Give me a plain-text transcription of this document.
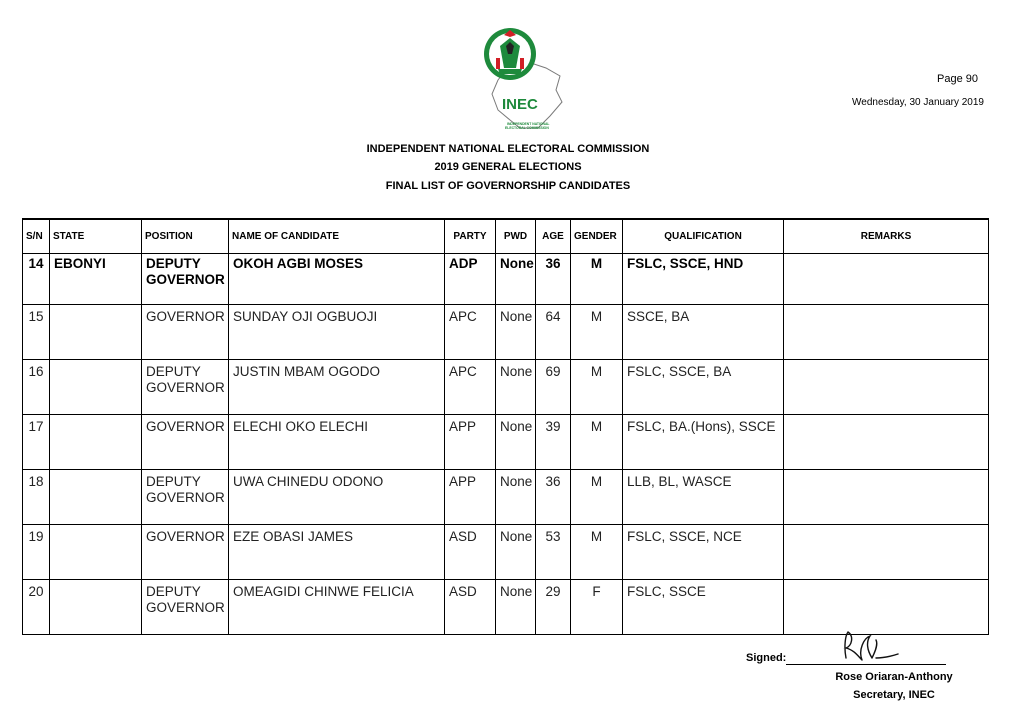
INEC
INDEPENDENT NATIONAL
ELECTORAL COMMISSION
Page 90
Wednesday, 30 January 2019
INDEPENDENT NATIONAL ELECTORAL COMMISSION
2019 GENERAL ELECTIONS
FINAL LIST OF GOVERNORSHIP CANDIDATES
S/N	STATE	POSITION	NAME OF CANDIDATE	PARTY	PWD	AGE	GENDER	QUALIFICATION	REMARKS
14	EBONYI	DEPUTY GOVERNOR	OKOH AGBI MOSES	ADP	None	36	M	FSLC, SSCE, HND	
15		GOVERNOR	SUNDAY OJI OGBUOJI	APC	None	64	M	SSCE, BA	
16		DEPUTY GOVERNOR	JUSTIN MBAM OGODO	APC	None	69	M	FSLC, SSCE, BA	
17		GOVERNOR	ELECHI OKO ELECHI	APP	None	39	M	FSLC, BA.(Hons), SSCE	
18		DEPUTY GOVERNOR	UWA CHINEDU ODONO	APP	None	36	M	LLB, BL, WASCE	
19		GOVERNOR	EZE OBASI JAMES	ASD	None	53	M	FSLC, SSCE, NCE	
20		DEPUTY GOVERNOR	OMEAGIDI CHINWE FELICIA	ASD	None	29	F	FSLC, SSCE	
Signed:
Rose Oriaran-Anthony
Secretary, INEC
